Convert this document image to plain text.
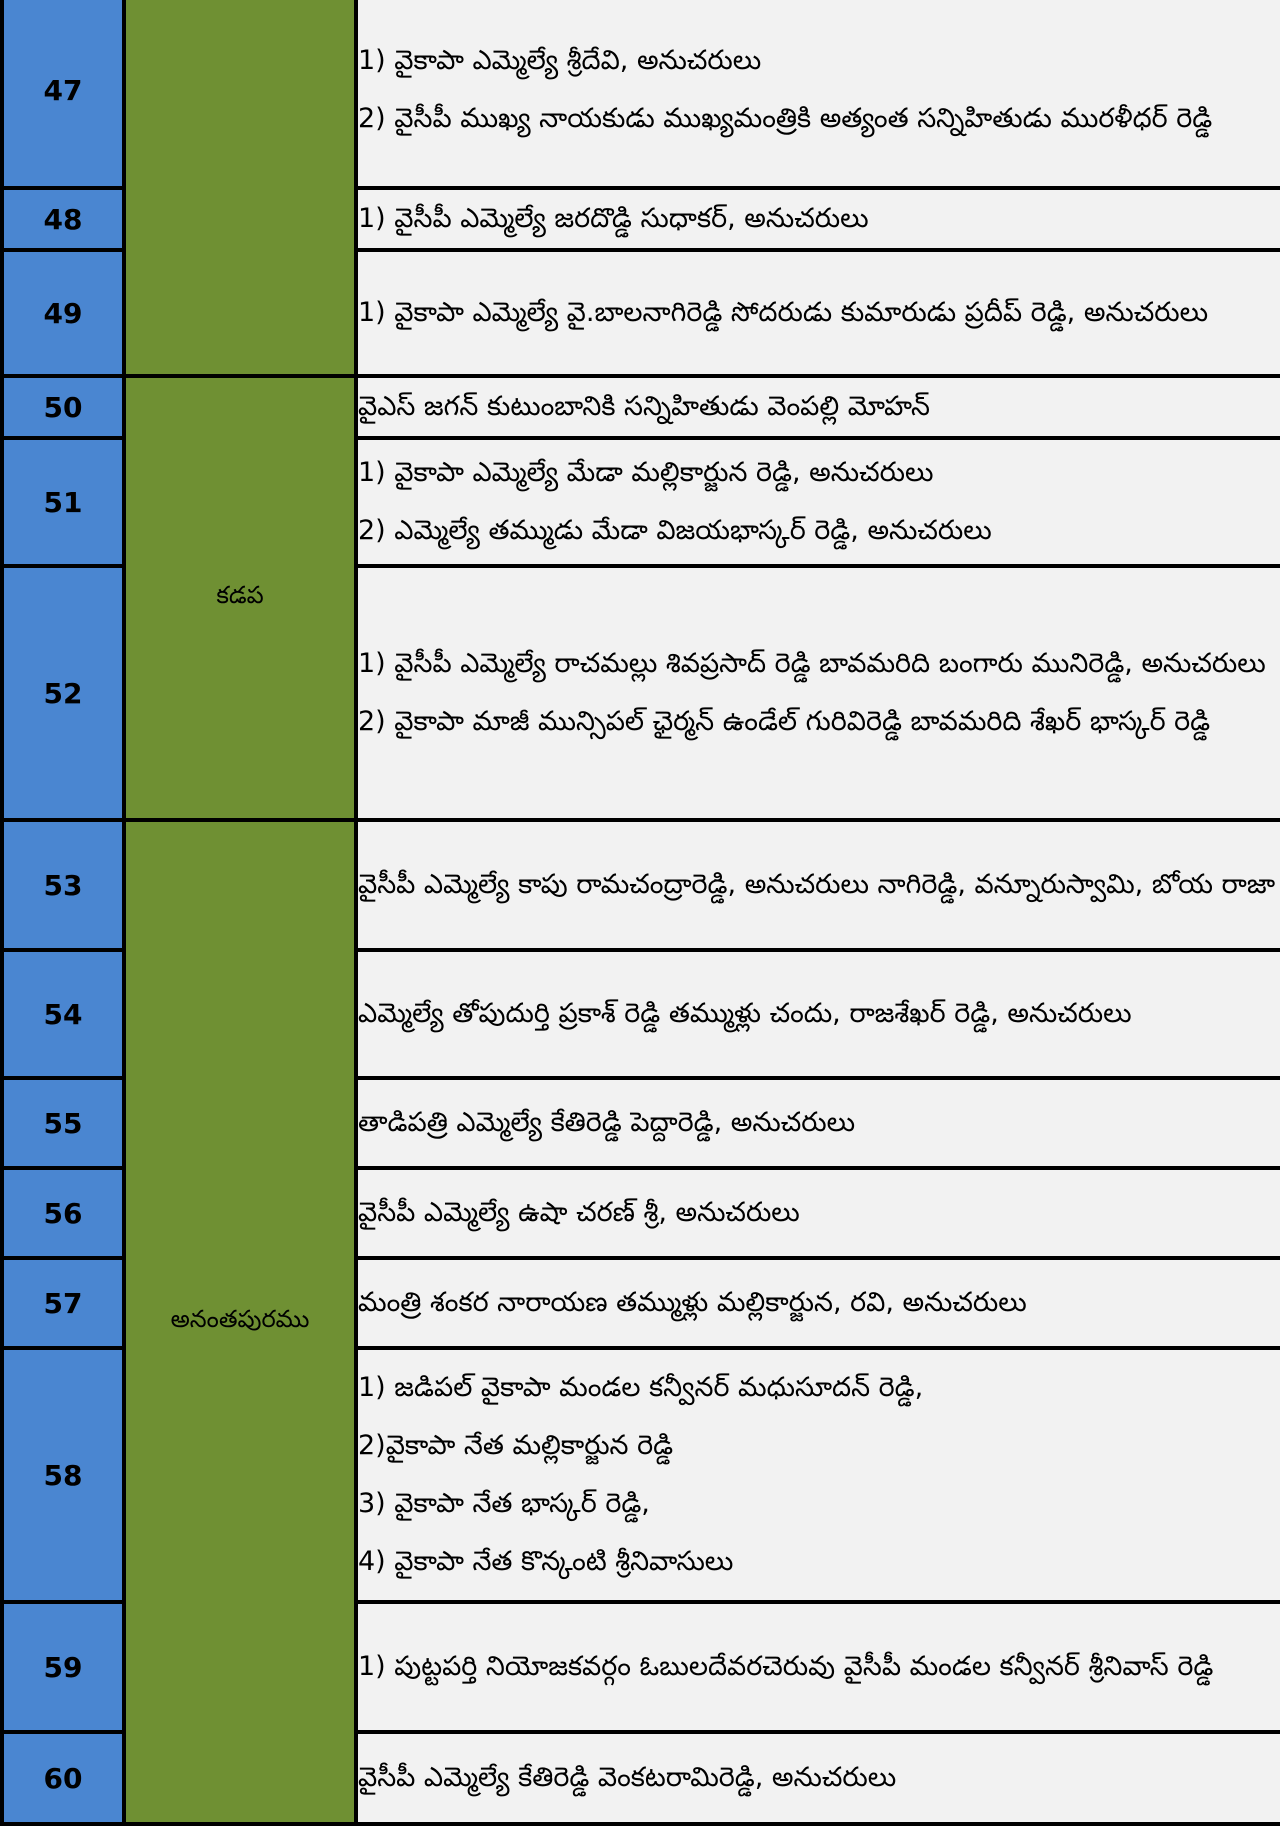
47		1) వైకాపా ఎమ్మెల్యే శ్రీదేవి, అనుచరులు
2) వైసీపీ ముఖ్య నాయకుడు ముఖ్యమంత్రికి అత్యంత సన్నిహితుడు మురళీధర్ రెడ్డి

48		1) వైసీపీ ఎమ్మెల్యే జరదొడ్డి సుధాకర్, అనుచరులు

49		1) వైకాపా ఎమ్మెల్యే వై.బాలనాగిరెడ్డి సోదరుడు కుమారుడు ప్రదీప్ రెడ్డి, అనుచరులు

50	కడప	వైఎస్ జగన్ కుటుంబానికి సన్నిహితుడు వెంపల్లి మోహన్

51		1) వైకాపా ఎమ్మెల్యే మేడా మల్లికార్జున రెడ్డి, అనుచరులు
2) ఎమ్మెల్యే తమ్ముడు మేడా విజయభాస్కర్ రెడ్డి, అనుచరులు

52		1) వైసీపీ ఎమ్మెల్యే రాచమల్లు శివప్రసాద్ రెడ్డి బావమరిది బంగారు మునిరెడ్డి, అనుచరులు
2) వైకాపా మాజీ మున్సిపల్ ఛైర్మన్ ఉండేల్ గురివిరెడ్డి బావమరిది శేఖర్ భాస్కర్ రెడ్డి

53	అనంతపురము	వైసీపీ ఎమ్మెల్యే కాపు రామచంద్రారెడ్డి, అనుచరులు నాగిరెడ్డి, వన్నూరుస్వామి, బోయ రాజా

54		ఎమ్మెల్యే తోపుదుర్తి ప్రకాశ్ రెడ్డి తమ్ముళ్లు చందు, రాజశేఖర్ రెడ్డి, అనుచరులు

55		తాడిపత్రి ఎమ్మెల్యే కేతిరెడ్డి పెద్దారెడ్డి, అనుచరులు

56		వైసీపీ ఎమ్మెల్యే ఉషా చరణ్ శ్రీ, అనుచరులు

57		మంత్రి శంకర నారాయణ తమ్ముళ్లు మల్లికార్జున, రవి, అనుచరులు

58		1) జడిపల్ వైకాపా మండల కన్వీనర్ మధుసూదన్ రెడ్డి,
2)వైకాపా నేత మల్లికార్జున రెడ్డి
3) వైకాపా నేత భాస్కర్ రెడ్డి,
4) వైకాపా నేత కొన్కంటి శ్రీనివాసులు

59		1) పుట్టపర్తి నియోజకవర్గం ఓబులదేవరచెరువు వైసీపీ మండల కన్వీనర్ శ్రీనివాస్ రెడ్డి

60		వైసీపీ ఎమ్మెల్యే కేతిరెడ్డి వెంకటరామిరెడ్డి, అనుచరులు
